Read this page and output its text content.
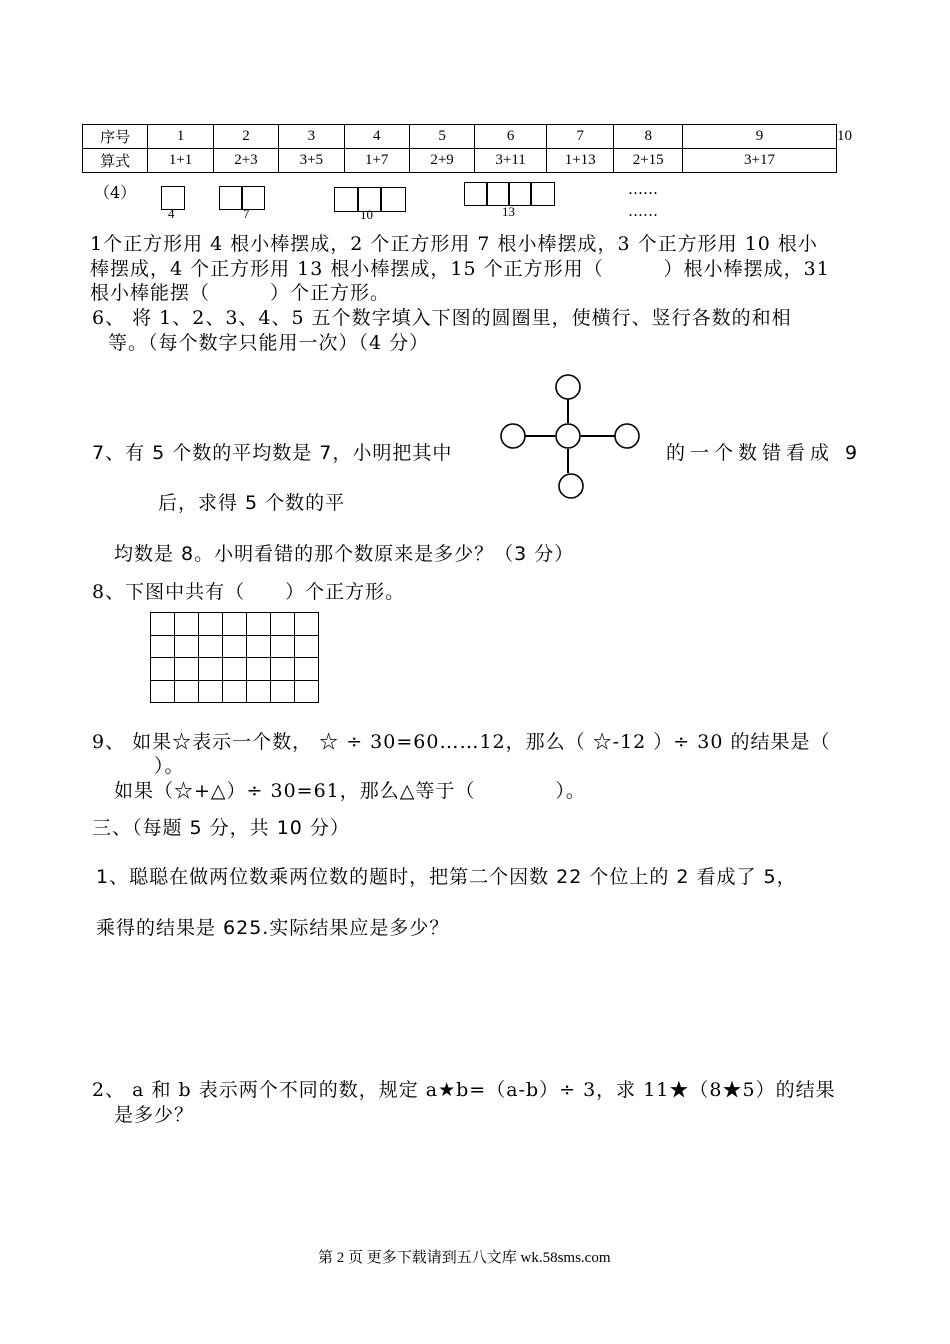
序号	1	2	3	4	5	6	7	8	9	10
算式	1+1	2+3	3+5	1+7	2+9	3+11	1+13	2+15	3+17	
（4）
4	7	10	13
……
……
1个正方形用 4 根小棒摆成，2 个正方形用 7 根小棒摆成，3 个正方形用 10 根小
棒摆成，4 个正方形用 13 根小棒摆成，15 个正方形用（　　　）根小棒摆成，31
根小棒能摆（　　　）个正方形。
6、 将 1、2、3、4、5 五个数字填入下图的圆圈里，使横行、竖行各数的和相
等。（每个数字只能用一次）（4 分）
7、有 5 个数的平均数是 7，小明把其中	的一个数错看成 9
后，求得 5 个数的平
均数是 8。小明看错的那个数原来是多少？（3 分）
8、下图中共有（　　）个正方形。
9、 如果☆表示一个数， ☆ ÷ 30=60……12，那么（ ☆-12 ）÷ 30 的结果是（
）。
如果（☆+△）÷ 30=61，那么△等于（　　　　）。
三、（每题 5 分，共 10 分）
1、聪聪在做两位数乘两位数的题时，把第二个因数 22 个位上的 2 看成了 5，
乘得的结果是 625.实际结果应是多少？
2、 a 和 b 表示两个不同的数，规定 a★b=（a-b）÷ 3，求 11★（8★5）的结果
是多少？
第 2 页 更多下载请到五八文库 wk.58sms.com
